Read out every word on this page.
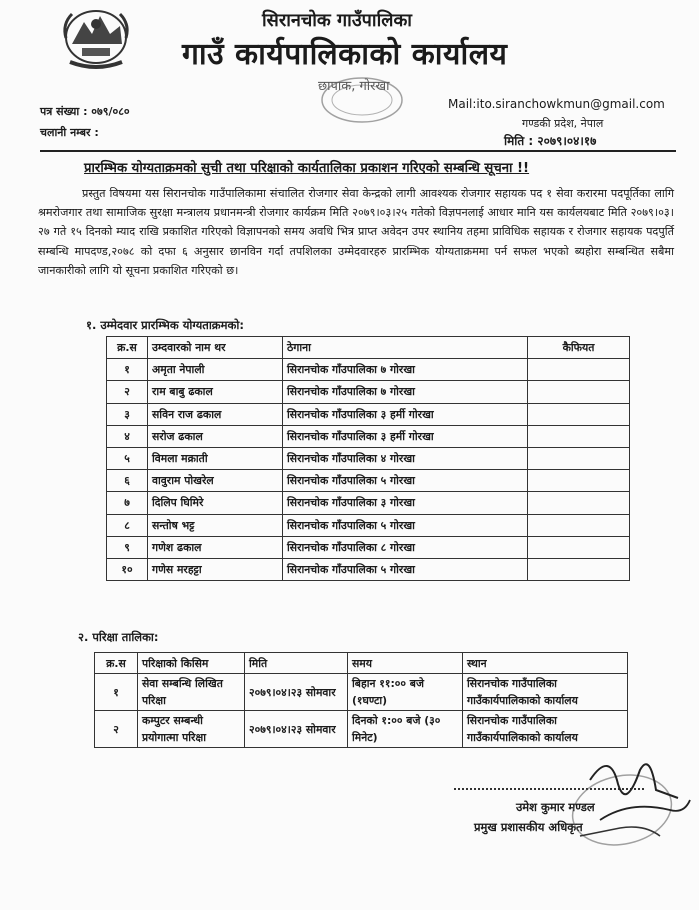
सिरानचोक गाउँपालिका
गाउँ कार्यपालिकाको कार्यालय
छापाक, गोरखा
पत्र संख्या : ०७९/०८०
चलानी नम्बर :
Mail:ito.siranchowkmun@gmail.com
गण्डकी प्रदेश, नेपाल
मिति : २०७९।०४।१७
प्रारम्भिक योग्यताक्रमको सुची तथा परिक्षाको कार्यतालिका प्रकाशन गरिएको सम्बन्धि सूचना !!
प्रस्तुत विषयमा यस सिरानचोक गाउँपालिकामा संचालित रोजगार सेवा केन्द्रको लागी आवश्यक रोजगार सहायक पद १ सेवा करारमा पदपूर्तिका लागि श्रमरोजगार तथा सामाजिक सुरक्षा मन्त्रालय प्रधानमन्त्री रोजगार कार्यक्रम मिति २०७९।०३।२५ गतेको विज्ञपनलाई आधार मानि यस कार्यलयबाट मिति २०७९।०३।२७ गते १५ दिनको म्याद राखि प्रकाशित गरिएको विज्ञापनको समय अवधि भित्र प्राप्त अवेदन उपर स्थानिय तहमा प्राविधिक सहायक र रोजगार सहायक पदपुर्ति सम्बन्धि मापदण्ड,२०७८ को दफा ६ अनुसार छानविन गर्दा तपशिलका उम्मेदवारहरु प्रारम्भिक योग्यताक्रममा पर्न सफल भएको ब्यहोरा सम्बन्धित सबैमा जानकारीको लागि यो सूचना प्रकाशित गरिएको छ।
१. उम्मेदवार प्रारम्भिक योग्यताक्रमको:
क्र.स	उम्दवारको नाम थर	ठेगाना	कैफियत
१	अमृता नेपाली	सिरानचोक गाँउपालिका ७ गोरखा	
२	राम बाबु ढकाल	सिरानचोक गाँउपालिका ७ गोरखा	
३	सविन राज ढकाल	सिरानचोक गाँउपालिका ३ हर्मी गोरखा	
४	सरोज ढकाल	सिरानचोक गाँउपालिका ३ हर्मी गोरखा	
५	विमला मक्राती	सिरानचोक गाँउपालिका ४ गोरखा	
६	वावुराम पोखरेल	सिरानचोक गाँउपालिका ५ गोरखा	
७	दिलिप घिमिरे	सिरानचोक गाँउपालिका ३ गोरखा	
८	सन्तोष भट्ट	सिरानचोक गाँउपालिका ५ गोरखा	
९	गणेश ढकाल	सिरानचोक गाँउपालिका ८ गोरखा	
१०	गणेस मरहट्टा	सिरानचोक गाँउपालिका ५ गोरखा	
२. परिक्षा तालिका:
क्र.स	परिक्षाको किसिम	मिति	समय	स्थान
१	सेवा सम्बन्धि लिखित परिक्षा	२०७९।०४।२३ सोमवार	बिहान ११:०० बजे (१घण्टा)	सिरानचोक गाउँपालिका गाउँकार्यपालिकाको कार्यालय
२	कम्पुटर सम्बन्धी प्रयोगात्मा परिक्षा	२०७९।०४।२३ सोमवार	दिनको १:०० बजे (३० मिनेट)	सिरानचोक गाउँपालिका गाउँकार्यपालिकाको कार्यालय
उमेश कुमार मण्डल
प्रमुख प्रशासकीय अधिकृत
